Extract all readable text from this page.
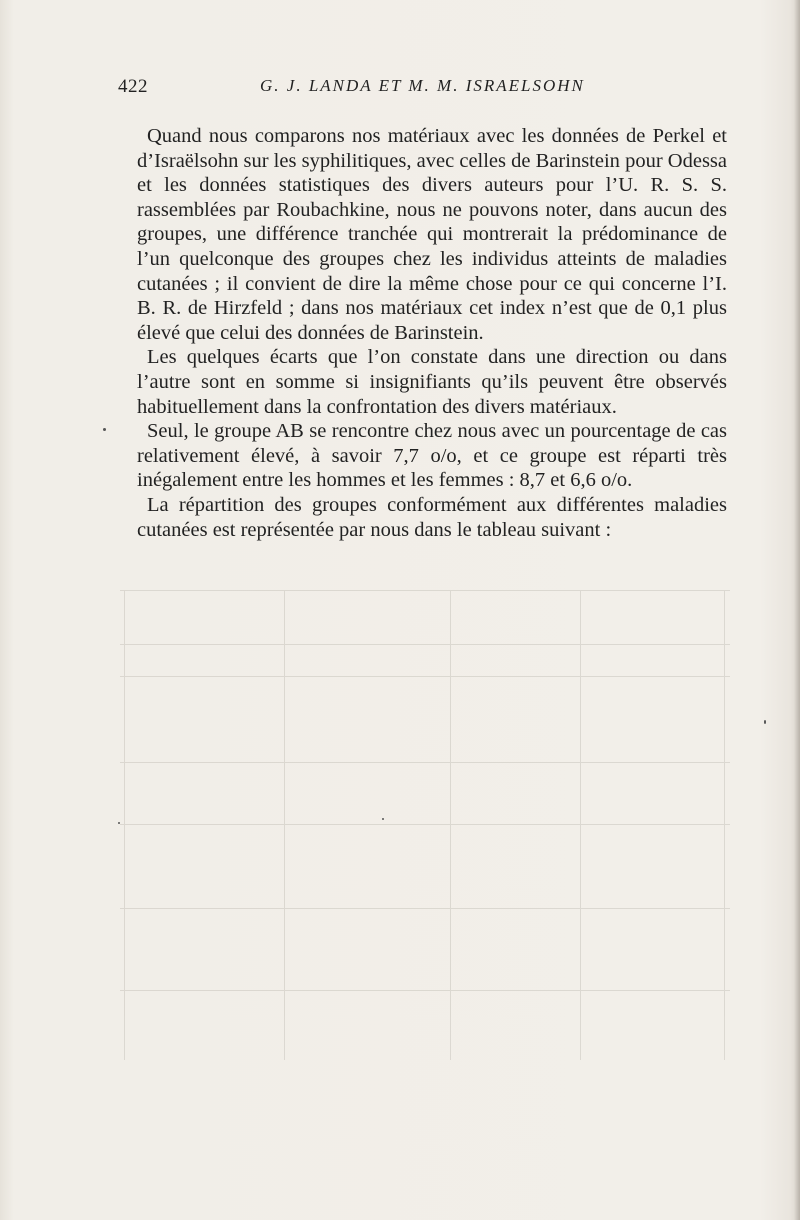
422	G. J. LANDA ET M. M. ISRAELSOHN

Quand nous comparons nos matériaux avec les données de Perkel et d’Israëlsohn sur les syphilitiques, avec celles de Barinstein pour Odessa et les données statistiques des divers auteurs pour l’U. R. S. S. rassemblées par Roubachkine, nous ne pouvons noter, dans aucun des groupes, une différence tranchée qui montrerait la prédominance de l’un quelconque des groupes chez les individus atteints de maladies cutanées ; il convient de dire la même chose pour ce qui concerne l’I. B. R. de Hirzfeld ; dans nos matériaux cet index n’est que de 0,1 plus élevé que celui des données de Barinstein.

Les quelques écarts que l’on constate dans une direction ou dans l’autre sont en somme si insignifiants qu’ils peuvent être observés habituellement dans la confrontation des divers matériaux.

Seul, le groupe AB se rencontre chez nous avec un pourcentage de cas relativement élevé, à savoir 7,7 o/o, et ce groupe est réparti très inégalement entre les hommes et les femmes : 8,7 et 6,6 o/o.

La répartition des groupes conformément aux différentes maladies cutanées est représentée par nous dans le tableau suivant :
